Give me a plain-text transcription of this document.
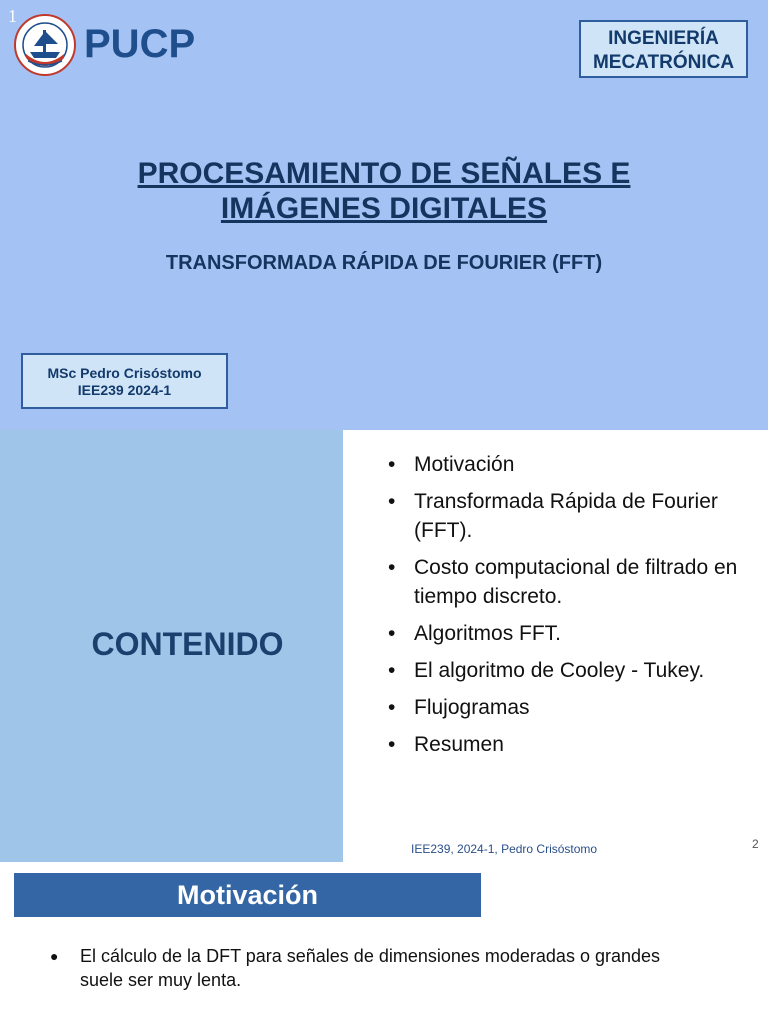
1
PUCP	INGENIERÍA
MECATRÓNICA
PROCESAMIENTO DE SEÑALES E
IMÁGENES DIGITALES
TRANSFORMADA RÁPIDA DE FOURIER (FFT)
MSc Pedro Crisóstomo
IEE239 2024-1
CONTENIDO
• Motivación
• Transformada Rápida de Fourier (FFT).
• Costo computacional de filtrado en tiempo discreto.
• Algoritmos FFT.
• El algoritmo de Cooley - Tukey.
• Flujogramas
• Resumen
IEE239, 2024-1, Pedro Crisóstomo	2
Motivación
● El cálculo de la DFT para señales de dimensiones moderadas o grandes suele ser muy lenta.
